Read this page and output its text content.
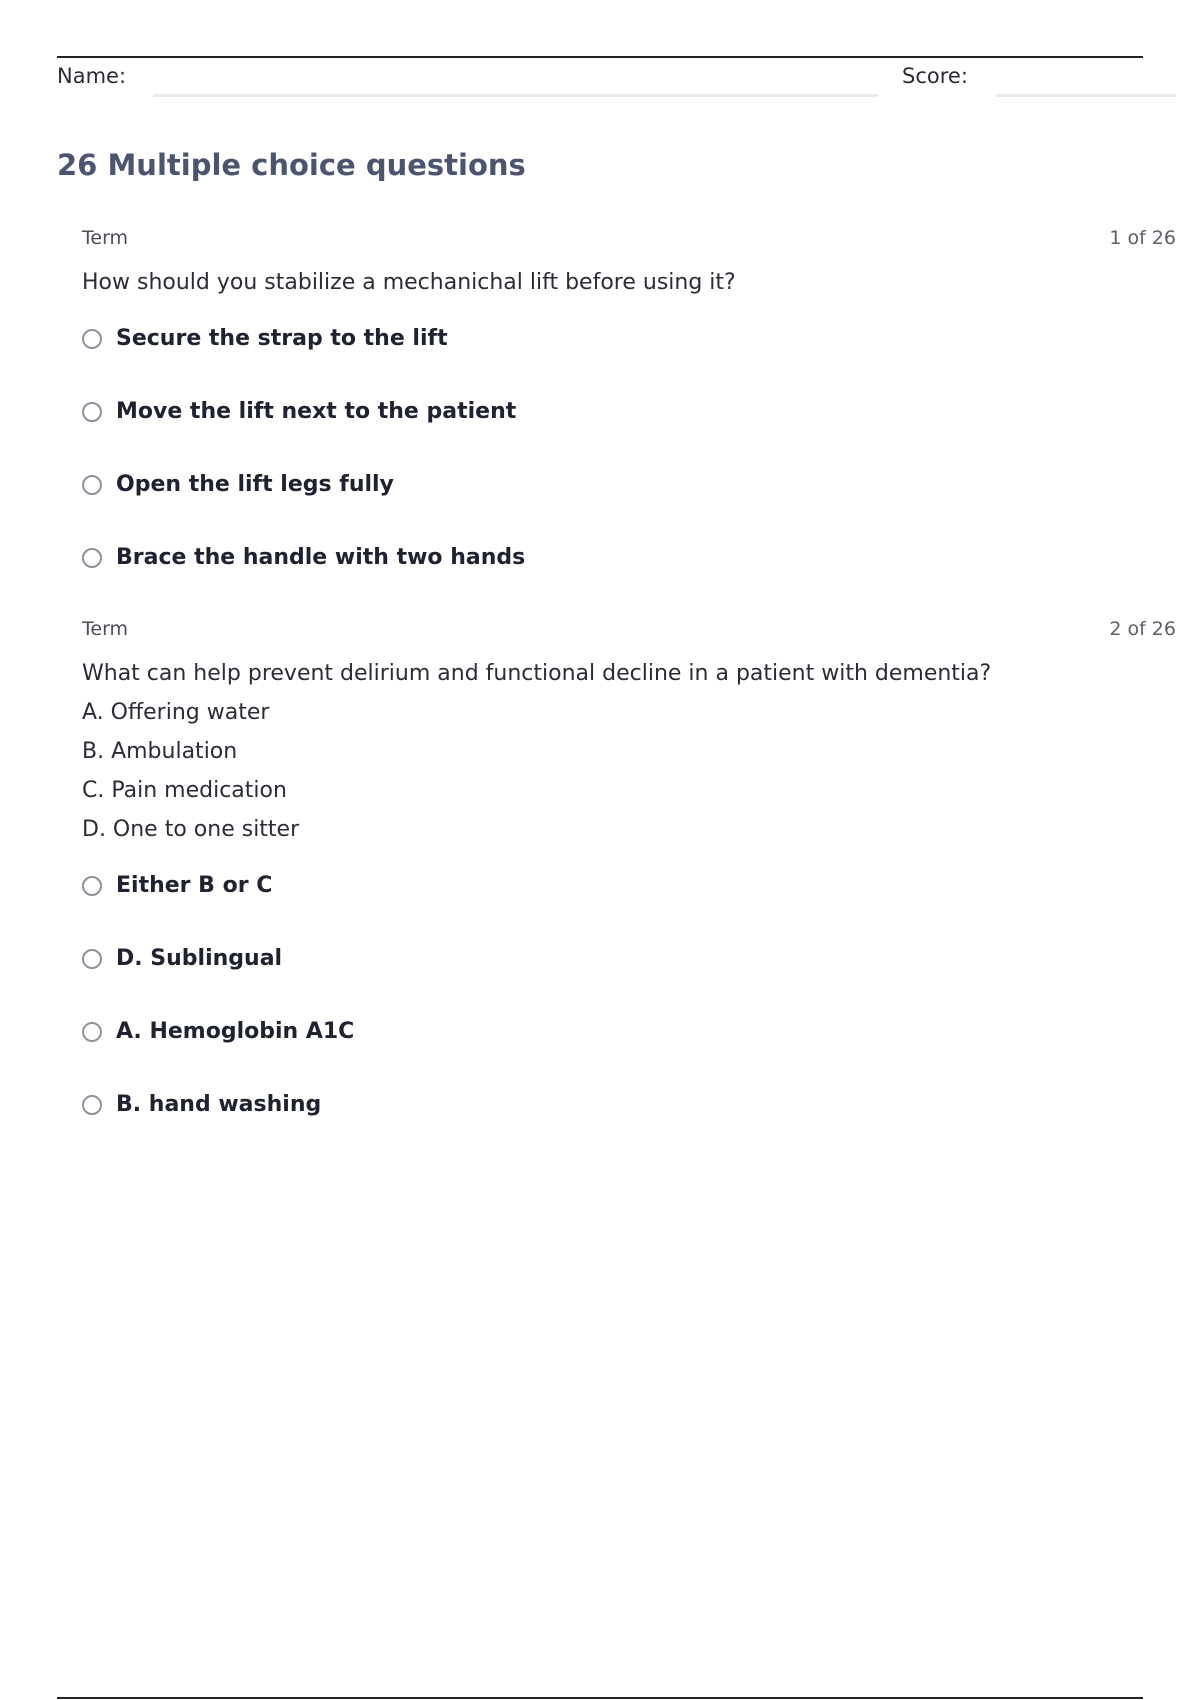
Name:	Score:
26 Multiple choice questions
Term	1 of 26
How should you stabilize a mechanichal lift before using it?
Secure the strap to the lift
Move the lift next to the patient
Open the lift legs fully
Brace the handle with two hands
Term	2 of 26
What can help prevent delirium and functional decline in a patient with dementia?
A. Offering water
B. Ambulation
C. Pain medication
D. One to one sitter
Either B or C
D. Sublingual
A. Hemoglobin A1C
B. hand washing
